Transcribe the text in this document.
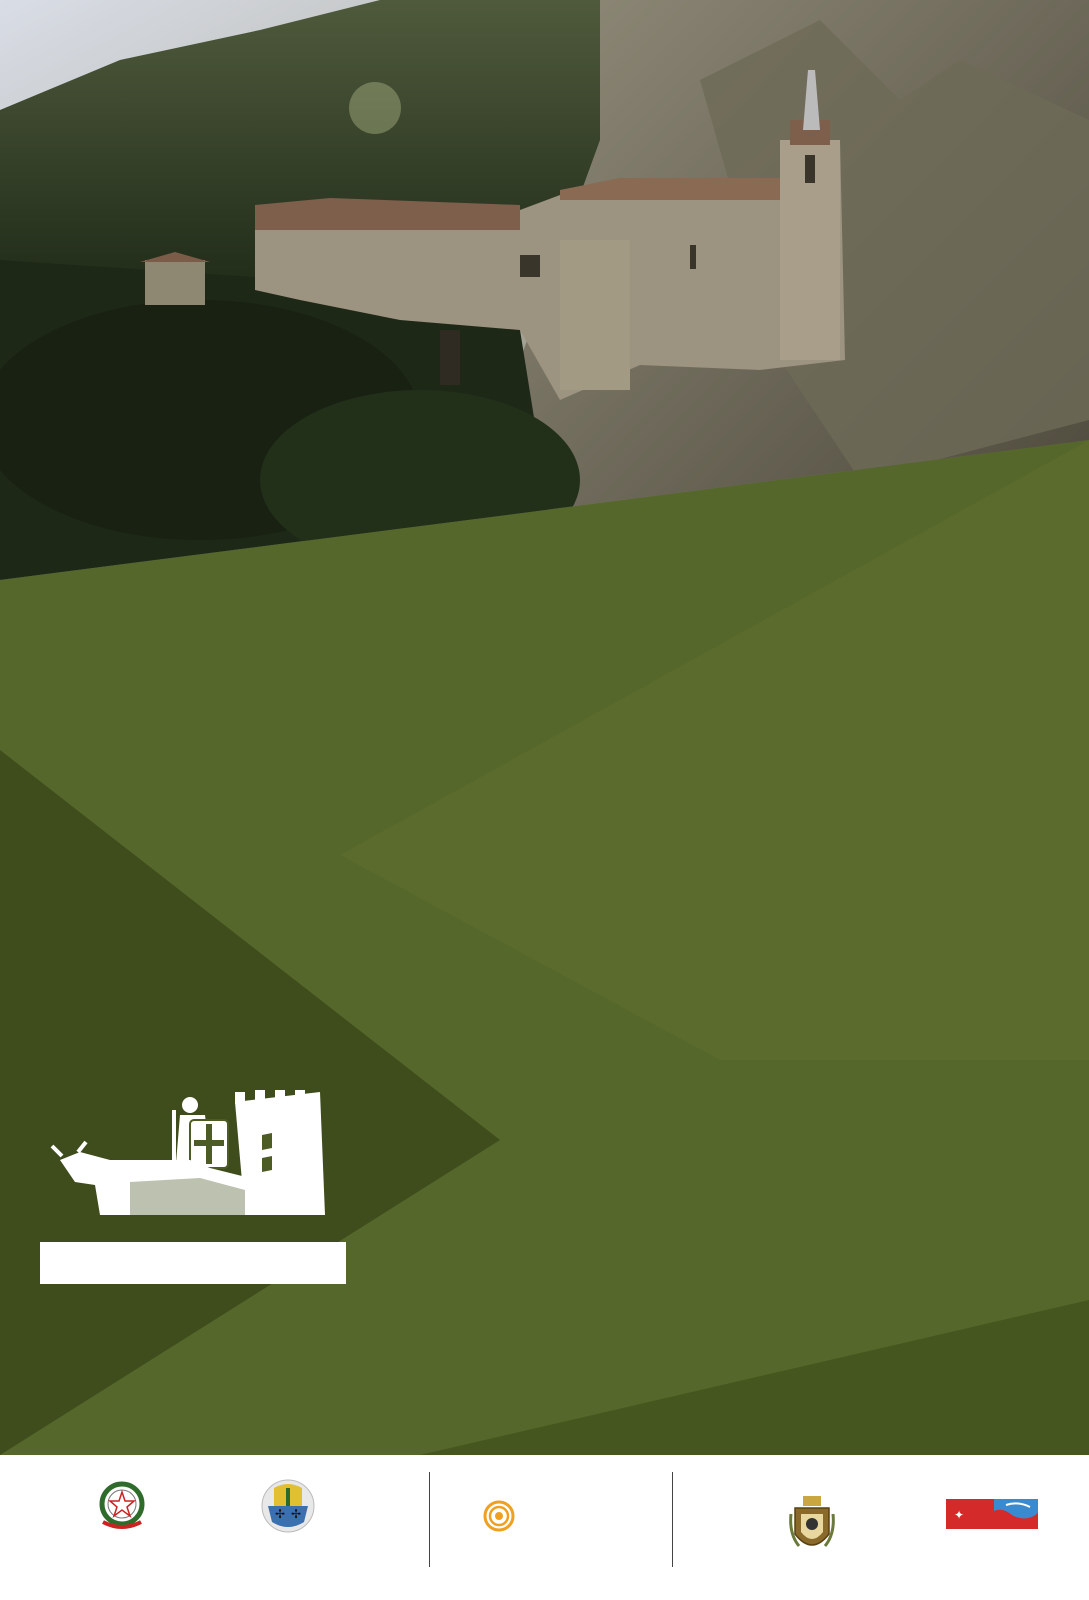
✢ ✢	✦
